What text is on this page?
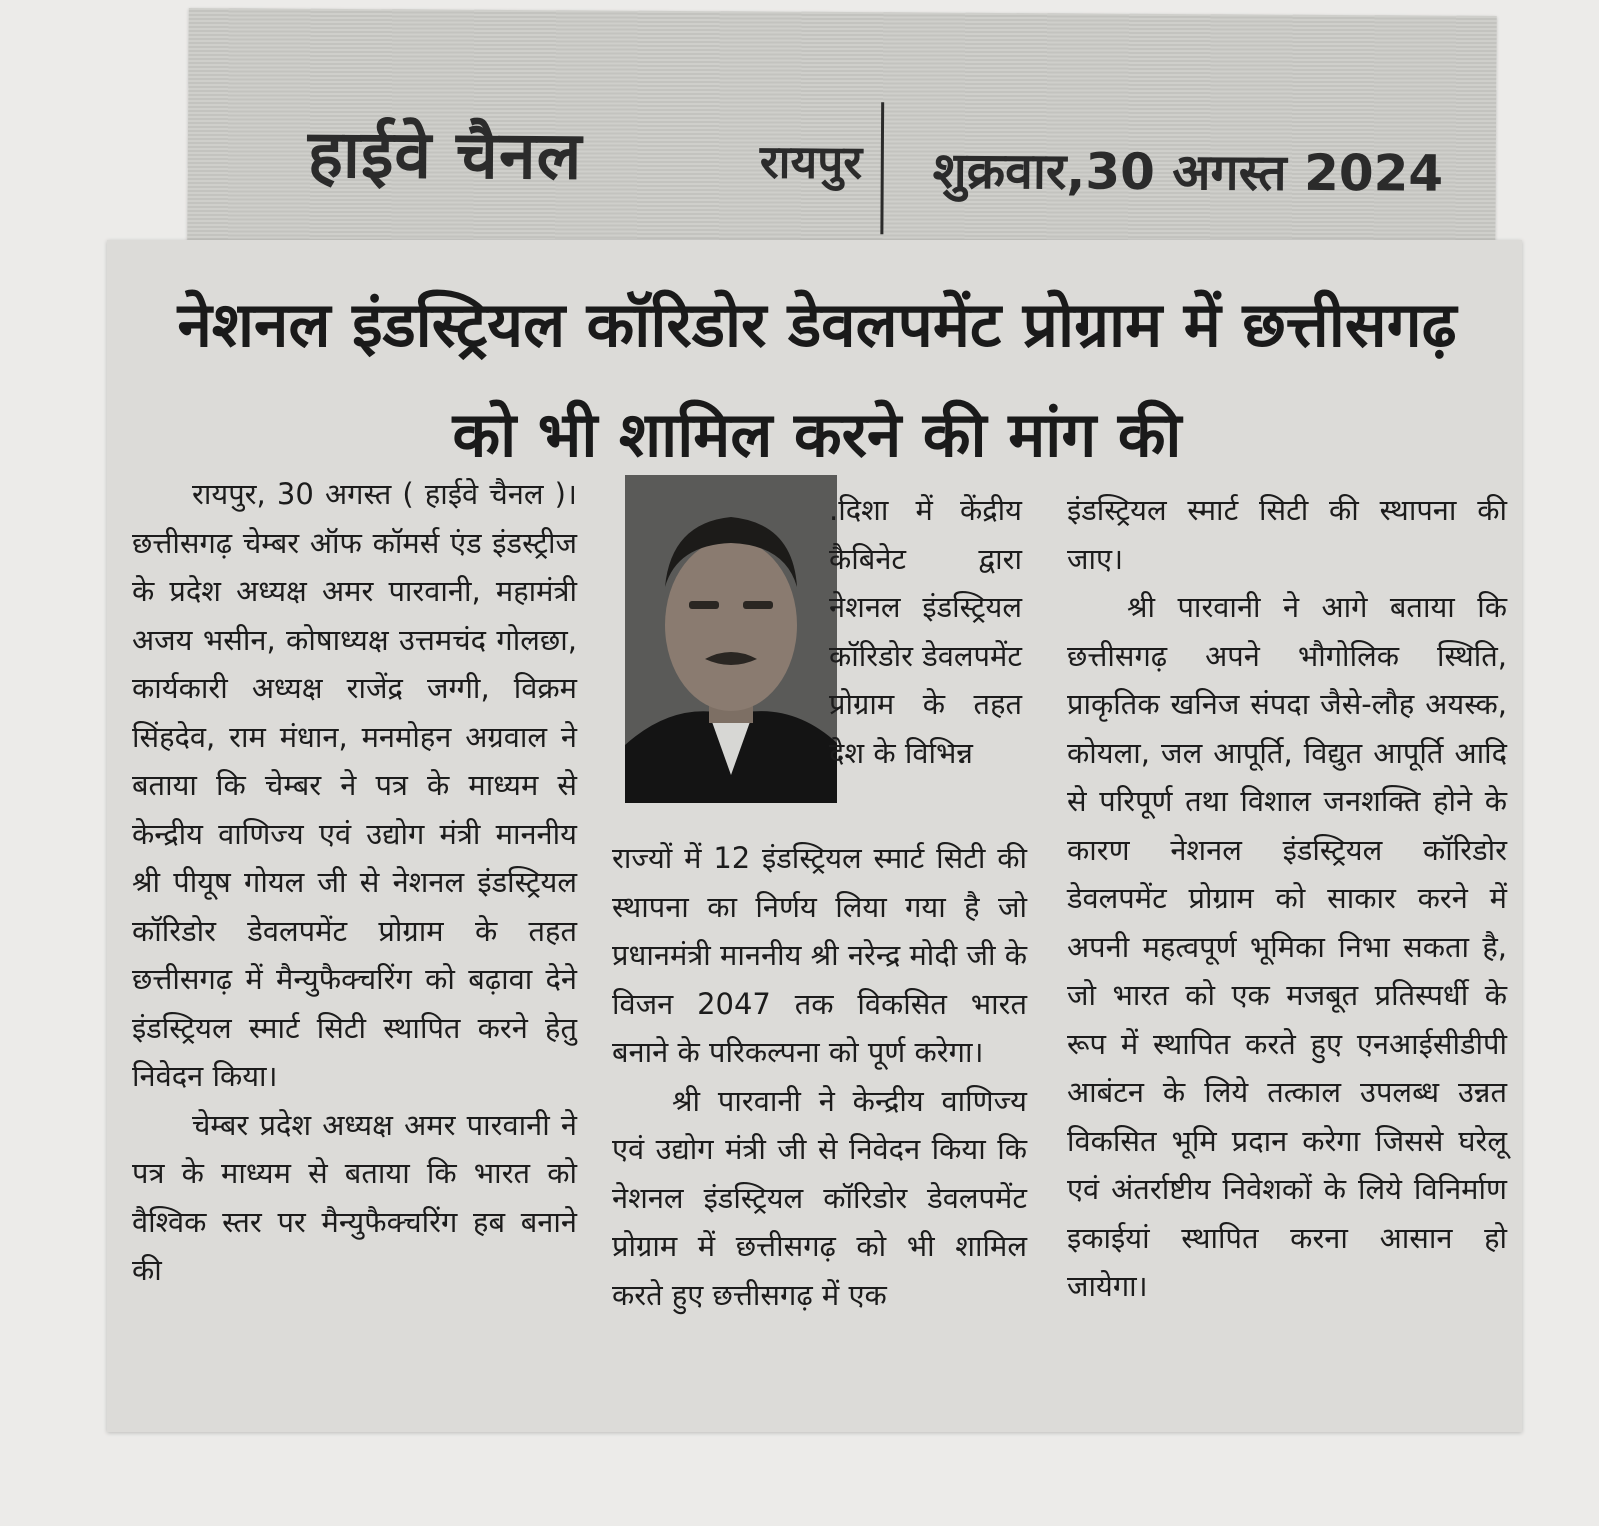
हाईवे चैनल	रायपुर शुक्रवार,30 अगस्त 2024
नेशनल इंडस्ट्रियल कॉरिडोर डेवलपमेंट प्रोग्राम में छत्तीसगढ़ को भी शामिल करने की मांग की

रायपुर, 30 अगस्त ( हाईवे चैनल )। छत्तीसगढ़ चेम्बर ऑफ कॉमर्स एंड इंडस्ट्रीज के प्रदेश अध्यक्ष अमर पारवानी, महामंत्री अजय भसीन, कोषाध्यक्ष उत्तमचंद गोलछा, कार्यकारी अध्यक्ष राजेंद्र जग्गी, विक्रम सिंहदेव, राम मंधान, मनमोहन अग्रवाल ने बताया कि चेम्बर ने पत्र के माध्यम से केन्द्रीय वाणिज्य एवं उद्योग मंत्री माननीय श्री पीयूष गोयल जी से नेशनल इंडस्ट्रियल कॉरिडोर डेवलपमेंट प्रोग्राम के तहत छत्तीसगढ़ में मैन्युफैक्चरिंग को बढ़ावा देने इंडस्ट्रियल स्मार्ट सिटी स्थापित करने हेतु निवेदन किया।

चेम्बर प्रदेश अध्यक्ष अमर पारवानी ने पत्र के माध्यम से बताया कि भारत को वैश्विक स्तर पर मैन्युफैक्चरिंग हब बनाने की

.दिशा में केंद्रीय कैबिनेट द्वारा नेशनल इंडस्ट्रियल कॉरिडोर डेवलपमेंट प्रोग्राम के तहत देश के विभिन्न

राज्यों में 12 इंडस्ट्रियल स्मार्ट सिटी की स्थापना का निर्णय लिया गया है जो प्रधानमंत्री माननीय श्री नरेन्द्र मोदी जी के विजन 2047 तक विकसित भारत बनाने के परिकल्पना को पूर्ण करेगा।

श्री पारवानी ने केन्द्रीय वाणिज्य एवं उद्योग मंत्री जी से निवेदन किया कि नेशनल इंडस्ट्रियल कॉरिडोर डेवलपमेंट प्रोग्राम में छत्तीसगढ़ को भी शामिल करते हुए छत्तीसगढ़ में एक

इंडस्ट्रियल स्मार्ट सिटी की स्थापना की जाए।

श्री पारवानी ने आगे बताया कि छत्तीसगढ़ अपने भौगोलिक स्थिति, प्राकृतिक खनिज संपदा जैसे-लौह अयस्क, कोयला, जल आपूर्ति, विद्युत आपूर्ति आदि से परिपूर्ण तथा विशाल जनशक्ति होने के कारण नेशनल इंडस्ट्रियल कॉरिडोर डेवलपमेंट प्रोग्राम को साकार करने में अपनी महत्वपूर्ण भूमिका निभा सकता है, जो भारत को एक मजबूत प्रतिस्पर्धी के रूप में स्थापित करते हुए एनआईसीडीपी आबंटन के लिये तत्काल उपलब्ध उन्नत विकसित भूमि प्रदान करेगा जिससे घरेलू एवं अंतर्राष्टीय निवेशकों के लिये विनिर्माण इकाईयां स्थापित करना आसान हो जायेगा।
